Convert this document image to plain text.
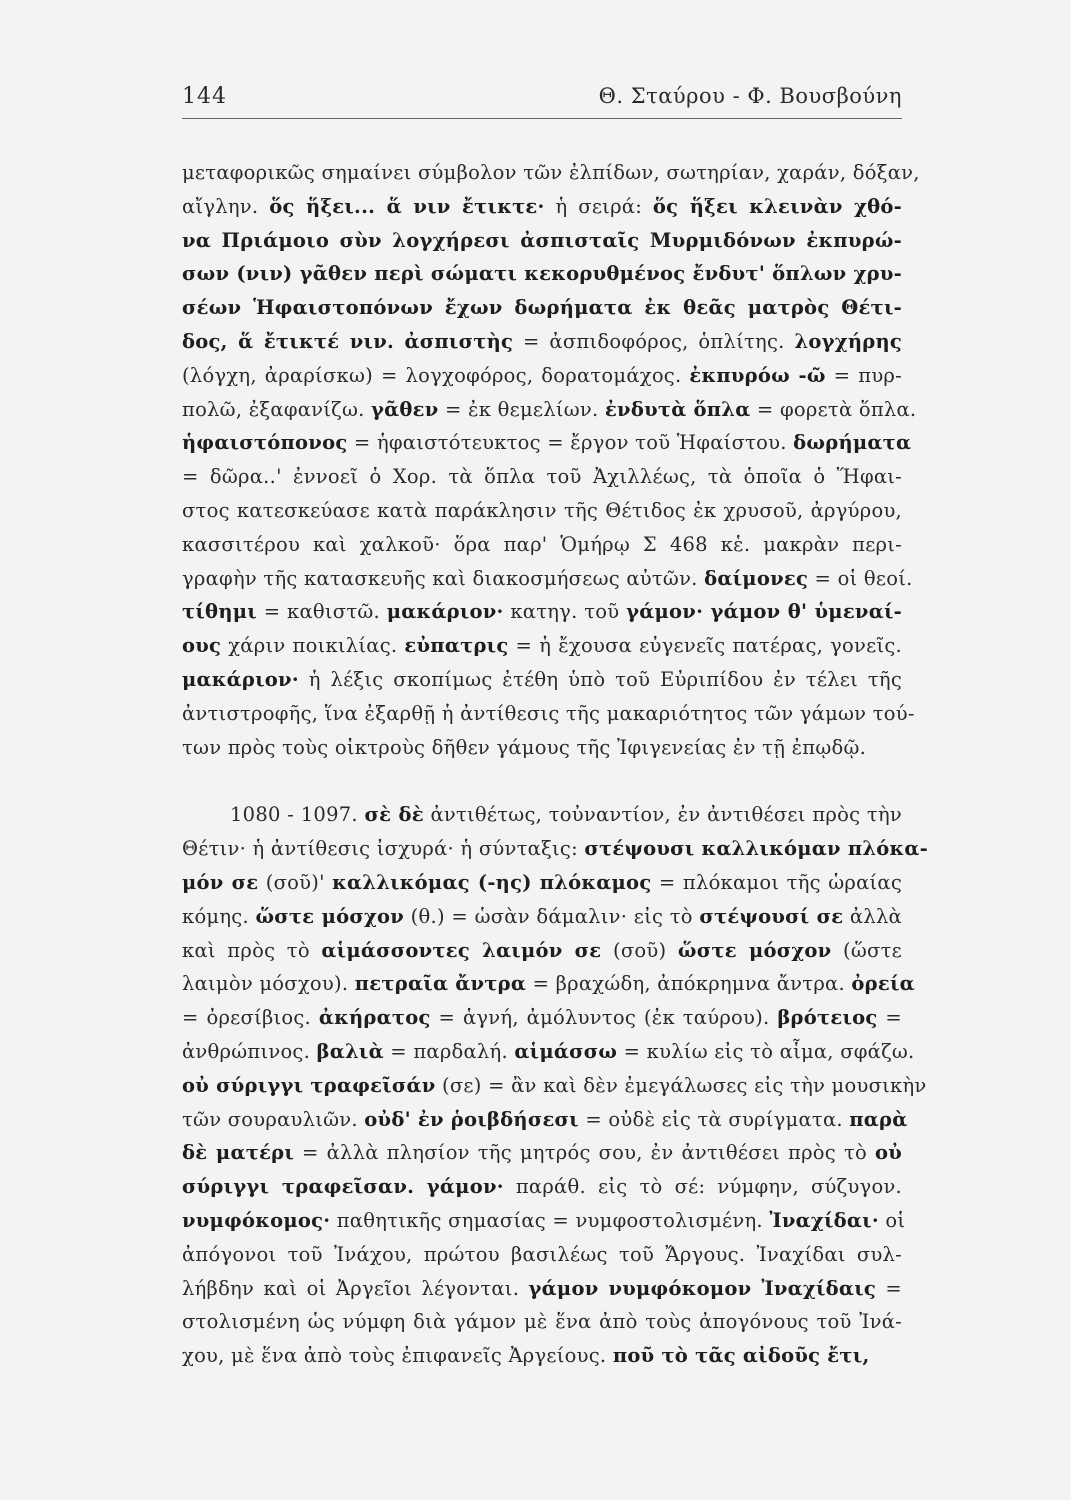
144	Θ. Σταύρου - Φ. Βουσβούνη
μεταφορικῶς σημαίνει σύμβολον τῶν ἐλπίδων, σωτηρίαν, χαράν, δόξαν,
αἴγλην. ὅς ἥξει... ἅ νιν ἔτικτε· ἡ σειρά: ὅς ἥξει κλεινὰν χθό-
να Πριάμοιο σὺν λογχήρεσι ἀσπισταῖς Μυρμιδόνων ἐκπυρώ-
σων (νιν) γᾶθεν περὶ σώματι κεκορυθμένος ἔνδυτ' ὅπλων χρυ-
σέων Ἡφαιστοπόνων ἔχων δωρήματα ἐκ θεᾶς ματρὸς Θέτι-
δος, ἅ ἔτικτέ νιν. ἀσπιστὴς = ἀσπιδοφόρος, ὁπλίτης. λογχήρης
(λόγχη, ἀραρίσκω) = λογχοφόρος, δορατομάχος. ἐκπυρόω -ῶ = πυρ-
πολῶ, ἐξαφανίζω. γᾶθεν = ἐκ θεμελίων. ἐνδυτὰ ὅπλα = φορετὰ ὅπλα.
ἡφαιστόπονος = ἡφαιστότευκτος = ἔργον τοῦ Ἡφαίστου. δωρήματα
= δῶρα..' ἐννοεῖ ὁ Χορ. τὰ ὅπλα τοῦ Ἀχιλλέως, τὰ ὁποῖα ὁ Ἥφαι-
στος κατεσκεύασε κατὰ παράκλησιν τῆς Θέτιδος ἐκ χρυσοῦ, ἀργύρου,
κασσιτέρου καὶ χαλκοῦ· ὅρα παρ' Ὁμήρῳ Σ 468 κἑ. μακρὰν περι-
γραφὴν τῆς κατασκευῆς καὶ διακοσμήσεως αὐτῶν. δαίμονες = οἱ θεοί.
τίθημι = καθιστῶ. μακάριον· κατηγ. τοῦ γάμον· γάμον θ' ὑμεναί-
ους χάριν ποικιλίας. εὐπατρις = ἡ ἔχουσα εὐγενεῖς πατέρας, γονεῖς.
μακάριον· ἡ λέξις σκοπίμως ἐτέθη ὑπὸ τοῦ Εὐριπίδου ἐν τέλει τῆς
ἀντιστροφῆς, ἵνα ἐξαρθῇ ἡ ἀντίθεσις τῆς μακαριότητος τῶν γάμων τού-
των πρὸς τοὺς οἰκτροὺς δῆθεν γάμους τῆς Ἰφιγενείας ἐν τῇ ἐπῳδῷ.
1080 - 1097. σὲ δὲ ἀντιθέτως, τοὐναντίον, ἐν ἀντιθέσει πρὸς τὴν
Θέτιν· ἡ ἀντίθεσις ἰσχυρά· ἡ σύνταξις: στέψουσι καλλικόμαν πλόκα-
μόν σε (σοῦ)' καλλικόμας (-ης) πλόκαμος = πλόκαμοι τῆς ὡραίας
κόμης. ὥστε μόσχον (θ.) = ὡσὰν δάμαλιν· εἰς τὸ στέψουσί σε ἀλλὰ
καὶ πρὸς τὸ αἱμάσσοντες λαιμόν σε (σοῦ) ὥστε μόσχον (ὥστε
λαιμὸν μόσχου). πετραῖα ἄντρα = βραχώδη, ἀπόκρημνα ἄντρα. ὀρεία
= ὀρεσίβιος. ἀκήρατος = ἁγνή, ἀμόλυντος (ἐκ ταύρου). βρότειος =
ἀνθρώπινος. βαλιὰ = παρδαλή. αἱμάσσω = κυλίω εἰς τὸ αἷμα, σφάζω.
οὐ σύριγγι τραφεῖσάν (σε) = ἂν καὶ δὲν ἐμεγάλωσες εἰς τὴν μουσικὴν
τῶν σουραυλιῶν. οὐδ' ἐν ῥοιβδήσεσι = οὐδὲ εἰς τὰ συρίγματα. παρὰ
δὲ ματέρι = ἀλλὰ πλησίον τῆς μητρός σου, ἐν ἀντιθέσει πρὸς τὸ οὐ
σύριγγι τραφεῖσαν. γάμον· παράθ. εἰς τὸ σέ: νύμφην, σύζυγον.
νυμφόκομος· παθητικῆς σημασίας = νυμφοστολισμένη. Ἰναχίδαι· οἱ
ἀπόγονοι τοῦ Ἰνάχου, πρώτου βασιλέως τοῦ Ἄργους. Ἰναχίδαι συλ-
λήβδην καὶ οἱ Ἀργεῖοι λέγονται. γάμον νυμφόκομον Ἰναχίδαις =
στολισμένη ὡς νύμφη διὰ γάμον μὲ ἕνα ἀπὸ τοὺς ἀπογόνους τοῦ Ἰνά-
χου, μὲ ἕνα ἀπὸ τοὺς ἐπιφανεῖς Ἀργείους. ποῦ τὸ τᾶς αἰδοῦς ἔτι,
